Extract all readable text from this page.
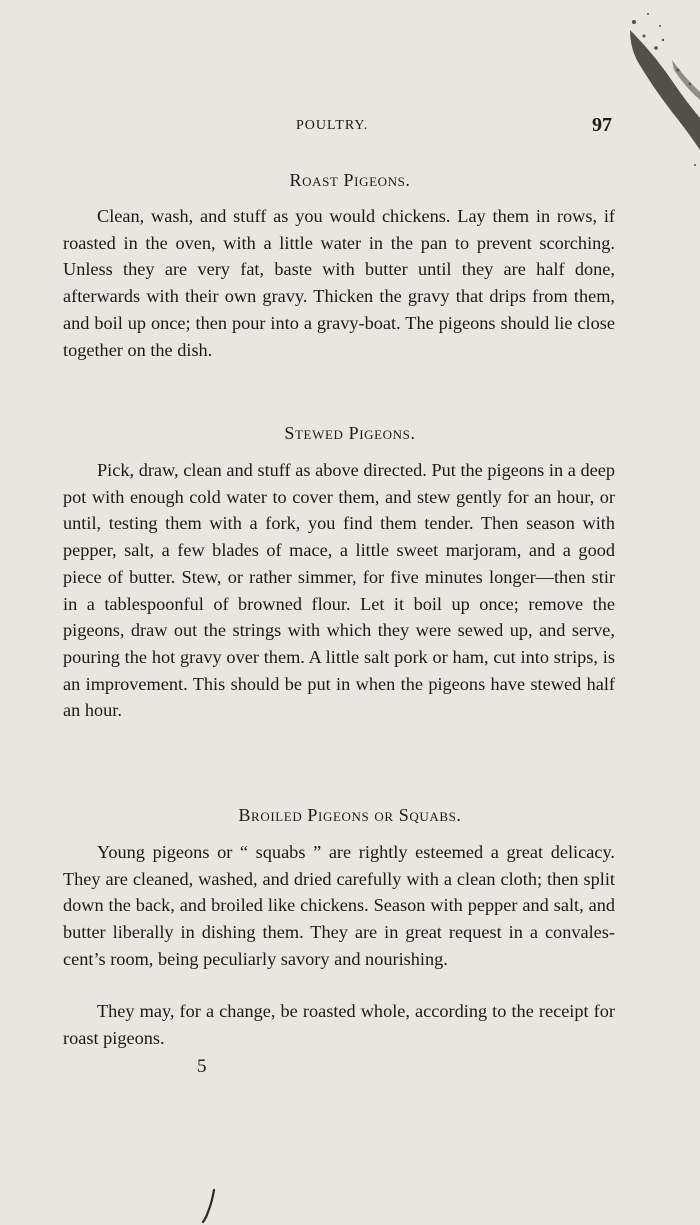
POULTRY.	97
Roast Pigeons.

Clean, wash, and stuff as you would chickens. Lay them in rows, if roasted in the oven, with a little water in the pan to prevent scorching. Unless they are very fat, baste with butter until they are half done, afterwards with their own gravy. Thicken the gravy that drips from them, and boil up once; then pour into a gravy-boat. The pigeons should lie close together on the dish.

Stewed Pigeons.

Pick, draw, clean and stuff as above directed. Put the pigeons in a deep pot with enough cold water to cover them, and stew gently for an hour, or until, testing them with a fork, you find them tender. Then season with pepper, salt, a few blades of mace, a little sweet marjoram, and a good piece of butter. Stew, or rather simmer, for five minutes longer—then stir in a tablespoonful of browned flour. Let it boil up once; remove the pigeons, draw out the strings with which they were sewed up, and serve, pouring the hot gravy over them. A little salt pork or ham, cut into strips, is an improvement. This should be put in when the pigeons have stewed half an hour.

Broiled Pigeons or Squabs.

Young pigeons or “ squabs ” are rightly esteemed a great delicacy. They are cleaned, washed, and dried carefully with a clean cloth; then split down the back, and broiled like chickens. Season with pepper and salt, and butter liberally in dishing them. They are in great request in a convalescent’s room, being peculiarly savory and nourishing.

They may, for a change, be roasted whole, according to the receipt for roast pigeons.

5
